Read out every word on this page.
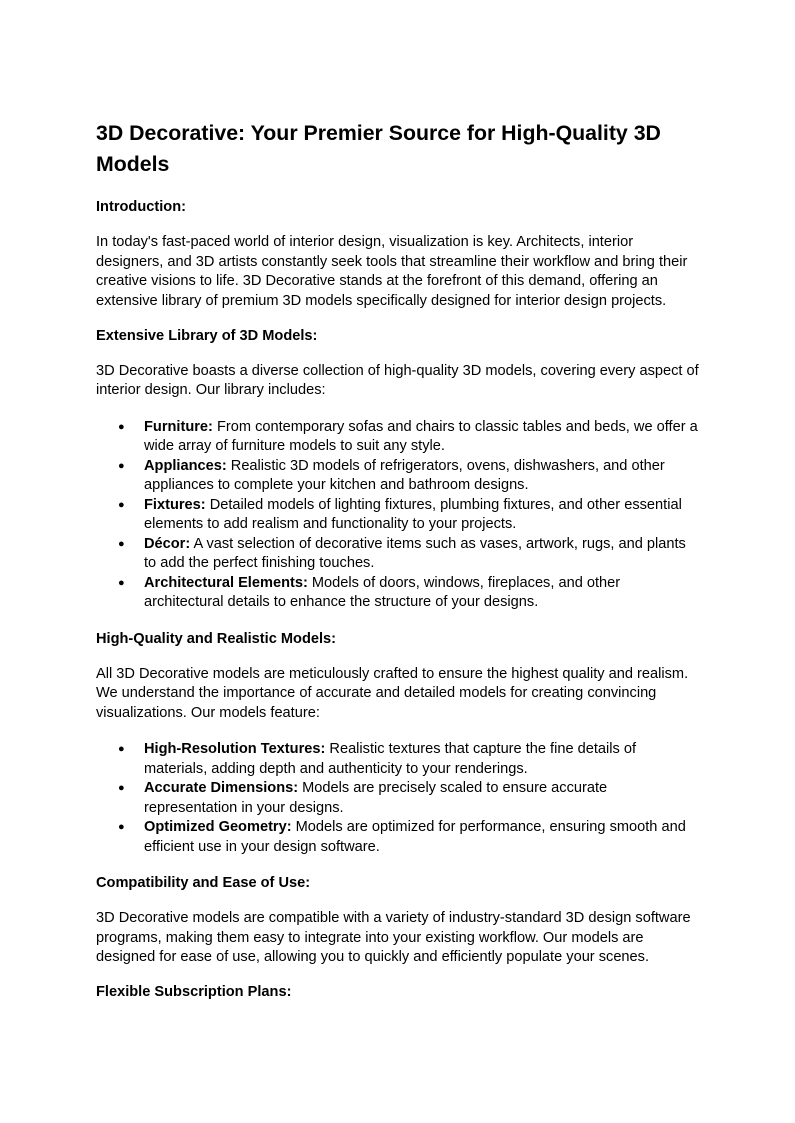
3D Decorative: Your Premier Source for High-Quality 3D Models
Introduction:

In today's fast-paced world of interior design, visualization is key. Architects, interior designers, and 3D artists constantly seek tools that streamline their workflow and bring their creative visions to life. 3D Decorative stands at the forefront of this demand, offering an extensive library of premium 3D models specifically designed for interior design projects.

Extensive Library of 3D Models:

3D Decorative boasts a diverse collection of high-quality 3D models, covering every aspect of interior design. Our library includes:

● Furniture: From contemporary sofas and chairs to classic tables and beds, we offer a wide array of furniture models to suit any style.
● Appliances: Realistic 3D models of refrigerators, ovens, dishwashers, and other appliances to complete your kitchen and bathroom designs.
● Fixtures: Detailed models of lighting fixtures, plumbing fixtures, and other essential elements to add realism and functionality to your projects.
● Décor: A vast selection of decorative items such as vases, artwork, rugs, and plants to add the perfect finishing touches.
● Architectural Elements: Models of doors, windows, fireplaces, and other architectural details to enhance the structure of your designs.
High-Quality and Realistic Models:

All 3D Decorative models are meticulously crafted to ensure the highest quality and realism. We understand the importance of accurate and detailed models for creating convincing visualizations. Our models feature:

● High-Resolution Textures: Realistic textures that capture the fine details of materials, adding depth and authenticity to your renderings.
● Accurate Dimensions: Models are precisely scaled to ensure accurate representation in your designs.
● Optimized Geometry: Models are optimized for performance, ensuring smooth and efficient use in your design software.
Compatibility and Ease of Use:

3D Decorative models are compatible with a variety of industry-standard 3D design software programs, making them easy to integrate into your existing workflow. Our models are designed for ease of use, allowing you to quickly and efficiently populate your scenes.

Flexible Subscription Plans:
